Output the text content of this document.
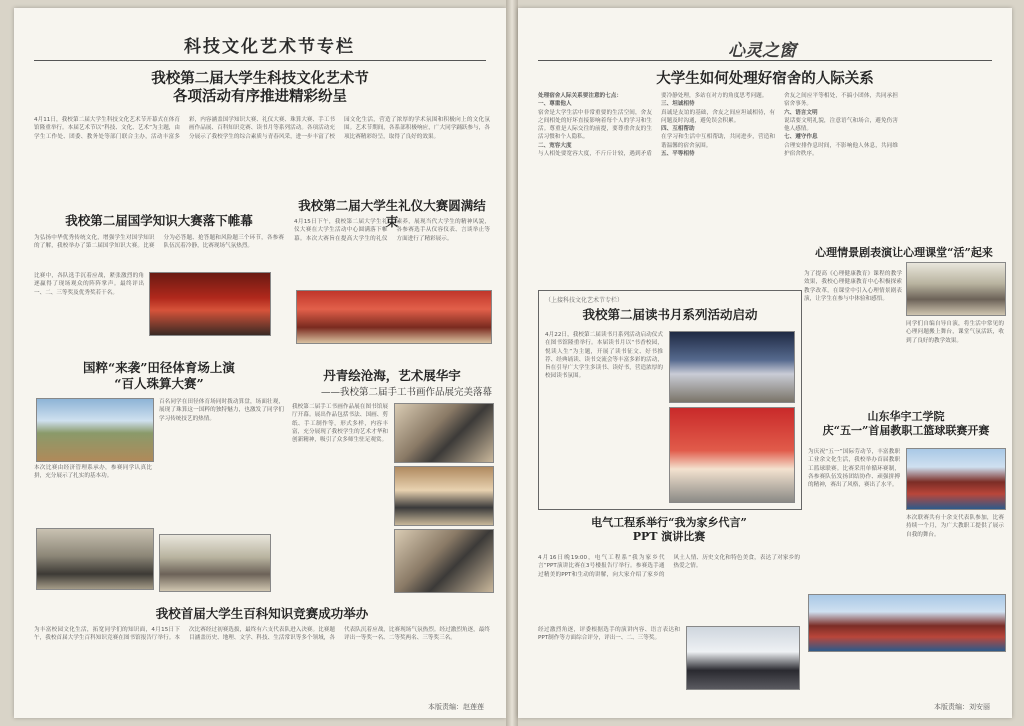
科技文化艺术节专栏
我校第二届大学生科技文化艺术节
各项活动有序推进精彩纷呈
4月11日，我校第二届大学生科技文化艺术节开幕式在体育馆隆重举行。本届艺术节以“科技、文化、艺术”为主题，由学生工作处、团委、教务处等部门联合主办，活动丰富多彩，内容涵盖国学知识大赛、礼仪大赛、珠算大赛、手工书画作品展、百科知识竞赛、读书月等系列活动。各项活动充分展示了我校学生的综合素质与青春风采，进一步丰富了校园文化生活，营造了浓厚的学术氛围和积极向上的文化氛围。艺术节期间，各系部积极响应，广大同学踊跃参与，各项比赛精彩纷呈，取得了良好的效果。
我校第二届国学知识大赛落下帷幕
为弘扬中华优秀传统文化，增强学生对国学知识的了解，我校举办了第二届国学知识大赛。比赛分为必答题、抢答题和风险题三个环节，各参赛队伍沉着冷静，比赛现场气氛热烈。
比赛中，各队选手沉着应战，紧张激烈的角逐赢得了现场观众的阵阵掌声。最终评出一、二、三等奖及优秀奖若干名。
我校第二届大学生礼仪大赛圆满结束
4月15日下午，我校第二届大学生礼仪大赛在大学生活动中心圆满落下帷幕。本次大赛旨在提高大学生的礼仪素养，展现当代大学生的精神风貌，各参赛选手从仪容仪表、言谈举止等方面进行了精彩展示。
国粹“来袭”田径体育场上演
“百人珠算大赛”
百名同学在田径体育场同时拨动算盘，场面壮观，展现了珠算这一国粹的独特魅力，也激发了同学们学习传统技艺的热情。
本次比赛由经济管理系承办，参赛同学认真比拼，充分展示了扎实的基本功。
丹青绘沧海，艺术展华宇
——我校第二届手工书画作品展完美落幕
我校第二届手工书画作品展在图书馆展厅开幕。展出作品包括书法、国画、剪纸、手工制作等，形式多样，内容丰富，充分展现了我校学生的艺术才华和创新精神，吸引了众多师生驻足观赏。
我校首届大学生百科知识竞赛成功举办
为丰富校园文化生活，拓宽同学们的知识面，4月15日下午，我校首届大学生百科知识竞赛在图书馆报告厅举行。本次比赛经过初赛选拔，最终有六支代表队进入决赛。比赛题目涵盖历史、地理、文学、科技、生活常识等多个领域，各代表队沉着应战，比赛现场气氛热烈。经过激烈角逐，最终评出一等奖一名、二等奖两名、三等奖三名。
本版责编：赵莲莲
心灵之窗
大学生如何处理好宿舍的人际关系
处理宿舍人际关系要注意的七点：
一、尊重他人
宿舍是大学生活中非常重要的生活空间，舍友之间相处的好坏直接影响着每个人的学习和生活。尊重是人际交往的前提，要尊重舍友的生活习惯和个人隐私。
二、宽容大度
与人相处要宽容大度，不斤斤计较，遇到矛盾要冷静处理，多站在对方的角度思考问题。
三、坦诚相待
真诚是友谊的基础，舍友之间应坦诚相待，有问题及时沟通，避免误会积累。
四、互相帮助
在学习和生活中互相帮助，共同进步，营造和谐温馨的宿舍氛围。
五、平等相待
舍友之间应平等相处，不搞小团体，共同承担宿舍事务。
六、语言文明
说话要文明礼貌，注意语气和场合，避免伤害他人感情。
七、遵守作息
合理安排作息时间，不影响他人休息，共同维护宿舍秩序。
心理情景剧表演让心理课堂“活”起来
为了提高《心理健康教育》课程的教学效果，我校心理健康教育中心积极探索教学改革，在课堂中引入心理情景剧表演，让学生在参与中体验和感悟。
同学们自编自导自演，将生活中常见的心理问题搬上舞台，课堂气氛活跃，收到了良好的教学效果。
（上接科技文化艺术节专栏）
我校第二届读书月系列活动启动
4月22日，我校第二届读书月系列活动启动仪式在图书馆隆重举行。本届读书月以“书香校园，悦读人生”为主题，开展了读书征文、好书推荐、经典诵读、读书交流会等丰富多彩的活动，旨在引导广大学生多读书、读好书，营造浓厚的校园读书氛围。
山东华宇工学院
庆“五一”首届教职工篮球联赛开赛
为庆祝“五一”国际劳动节，丰富教职工业余文化生活，我校举办首届教职工篮球联赛。比赛采用单循环赛制，各参赛队伍发扬团结协作、顽强拼搏的精神，赛出了风格，赛出了水平。
本次联赛共有十余支代表队参加，比赛持续一个月，为广大教职工提供了展示自我的舞台。
电气工程系举行“我为家乡代言”
PPT 演讲比赛
4月16日晚19:00，电气工程系“我为家乡代言”PPT演讲比赛在3号楼报告厅举行。参赛选手通过精美的PPT和生动的讲解，向大家介绍了家乡的风土人情、历史文化和特色美食，表达了对家乡的热爱之情。
经过激烈角逐，评委根据选手的演讲内容、语言表达和PPT制作等方面综合评分，评出一、二、三等奖。
本版责编：刘安丽
